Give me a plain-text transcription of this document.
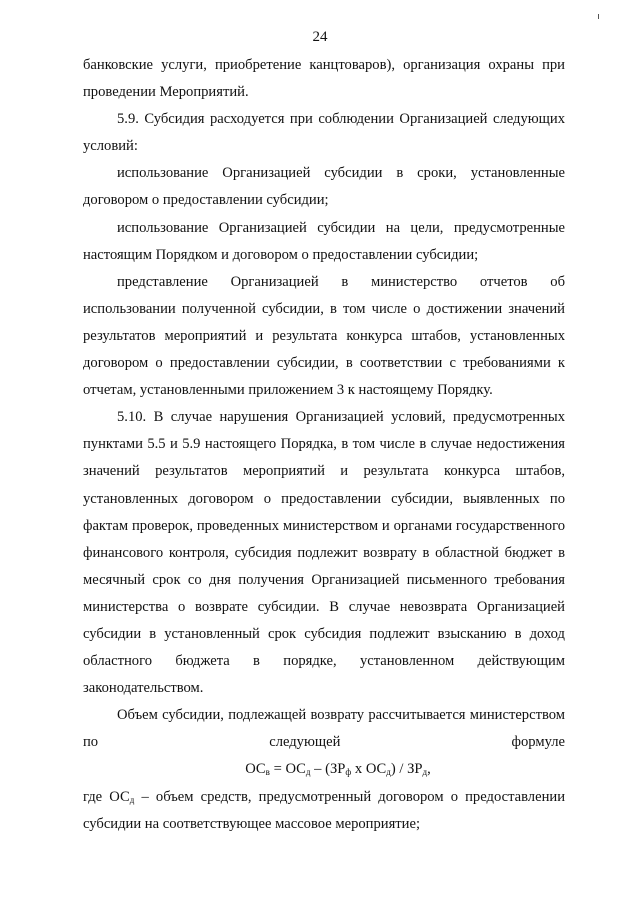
24

банковские услуги, приобретение канцтоваров), организация охраны при проведении Мероприятий.

5.9. Субсидия расходуется при соблюдении Организацией следующих условий:

использование Организацией субсидии в сроки, установленные договором о предоставлении субсидии;

использование Организацией субсидии на цели, предусмотренные настоящим Порядком и договором о предоставлении субсидии;

представление Организацией в министерство отчетов об использовании полученной субсидии, в том числе о достижении значений результатов мероприятий и результата конкурса штабов, установленных договором о предоставлении субсидии, в соответствии с требованиями к отчетам, установленными приложением 3 к настоящему Порядку.

5.10. В случае нарушения Организацией условий, предусмотренных пунктами 5.5 и 5.9 настоящего Порядка, в том числе в случае недостижения значений результатов мероприятий и результата конкурса штабов, установленных договором о предоставлении субсидии, выявленных по фактам проверок, проведенных министерством и органами государственного финансового контроля, субсидия подлежит возврату в областной бюджет в месячный срок со дня получения Организацией письменного требования министерства о возврате субсидии. В случае невозврата Организацией субсидии в установленный срок субсидия подлежит взысканию в доход областного бюджета в порядке, установленном действующим законодательством.

Объем субсидии, подлежащей возврату рассчитывается министерством по следующей формуле

$ОС_в = ОС_д - (ЗР_ф$ x $ОС_д) / ЗР_д$,

где $ОС_д$ – объем средств, предусмотренный договором о предоставлении субсидии на соответствующее массовое мероприятие;
